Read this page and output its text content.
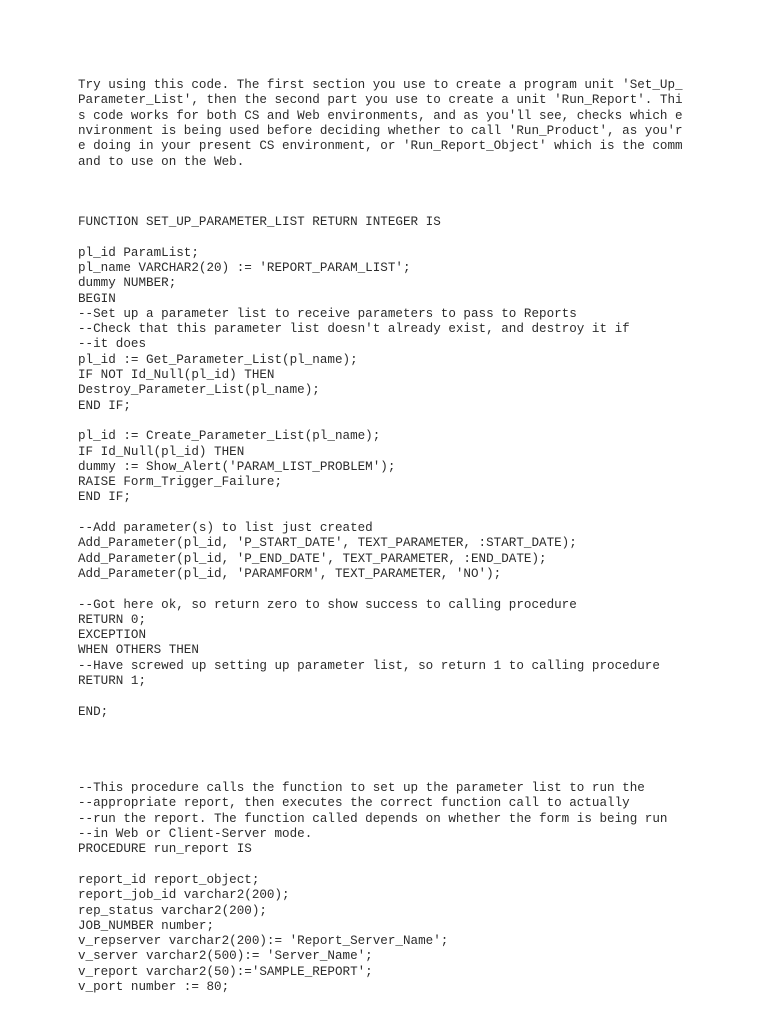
Try using this code. The first section you use to create a program unit 'Set_Up_
Parameter_List', then the second part you use to create a unit 'Run_Report'. Thi
s code works for both CS and Web environments, and as you'll see, checks which e
nvironment is being used before deciding whether to call 'Run_Product', as you'r
e doing in your present CS environment, or 'Run_Report_Object' which is the comm
and to use on the Web.
FUNCTION SET_UP_PARAMETER_LIST RETURN INTEGER IS
pl_id ParamList;
pl_name VARCHAR2(20) := 'REPORT_PARAM_LIST';
dummy NUMBER;
BEGIN
--Set up a parameter list to receive parameters to pass to Reports
--Check that this parameter list doesn't already exist, and destroy it if
--it does
pl_id := Get_Parameter_List(pl_name);
IF NOT Id_Null(pl_id) THEN
Destroy_Parameter_List(pl_name);
END IF;
pl_id := Create_Parameter_List(pl_name);
IF Id_Null(pl_id) THEN
dummy := Show_Alert('PARAM_LIST_PROBLEM');
RAISE Form_Trigger_Failure;
END IF;
--Add parameter(s) to list just created
Add_Parameter(pl_id, 'P_START_DATE', TEXT_PARAMETER, :START_DATE);
Add_Parameter(pl_id, 'P_END_DATE', TEXT_PARAMETER, :END_DATE);
Add_Parameter(pl_id, 'PARAMFORM', TEXT_PARAMETER, 'NO');
--Got here ok, so return zero to show success to calling procedure
RETURN 0;
EXCEPTION
WHEN OTHERS THEN
--Have screwed up setting up parameter list, so return 1 to calling procedure
RETURN 1;
END;
--This procedure calls the function to set up the parameter list to run the
--appropriate report, then executes the correct function call to actually
--run the report. The function called depends on whether the form is being run
--in Web or Client-Server mode.
PROCEDURE run_report IS
report_id report_object;
report_job_id varchar2(200);
rep_status varchar2(200);
JOB_NUMBER number;
v_repserver varchar2(200):= 'Report_Server_Name';
v_server varchar2(500):= 'Server_Name';
v_report varchar2(50):='SAMPLE_REPORT';
v_port number := 80;
